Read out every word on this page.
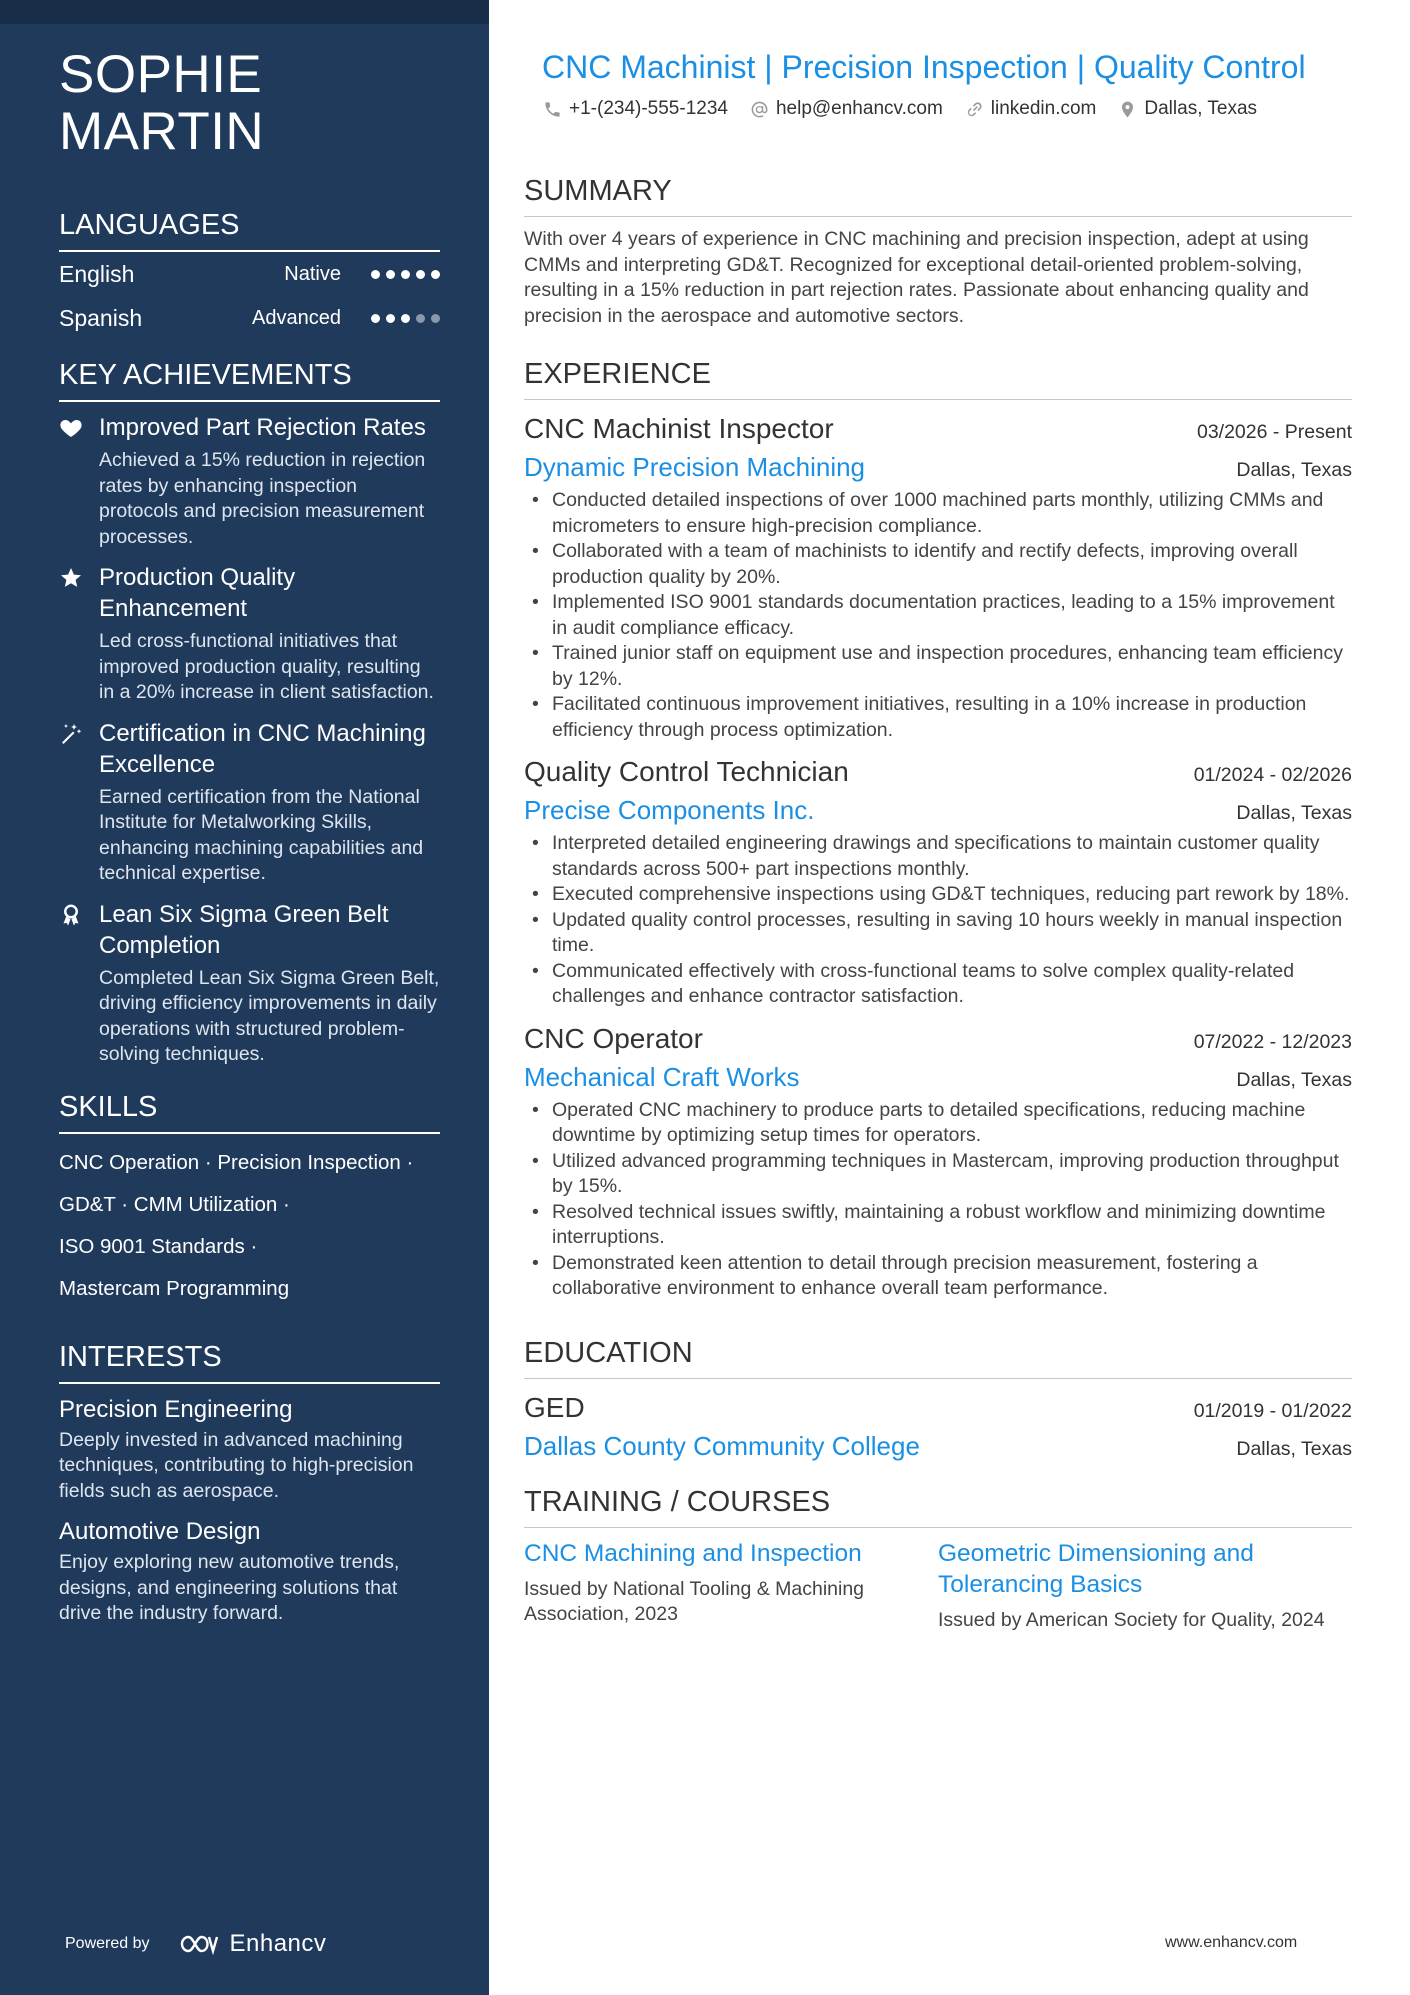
SOPHIE
MARTIN
LANGUAGES
English	Native
Spanish	Advanced
KEY ACHIEVEMENTS
Improved Part Rejection Rates
Achieved a 15% reduction in rejection rates by enhancing inspection protocols and precision measurement processes.
Production Quality Enhancement
Led cross-functional initiatives that improved production quality, resulting in a 20% increase in client satisfaction.
Certification in CNC Machining Excellence
Earned certification from the National Institute for Metalworking Skills, enhancing machining capabilities and technical expertise.
Lean Six Sigma Green Belt Completion
Completed Lean Six Sigma Green Belt, driving efficiency improvements in daily operations with structured problem-solving techniques.
SKILLS
CNC Operation · Precision Inspection ·
GD&T · CMM Utilization ·
ISO 9001 Standards ·
Mastercam Programming
INTERESTS
Precision Engineering
Deeply invested in advanced machining techniques, contributing to high-precision fields such as aerospace.
Automotive Design
Enjoy exploring new automotive trends, designs, and engineering solutions that drive the industry forward.
Powered by	Enhancv
CNC Machinist | Precision Inspection | Quality Control
+1-(234)-555-1234	help@enhancv.com	linkedin.com	Dallas, Texas
SUMMARY

With over 4 years of experience in CNC machining and precision inspection, adept at using CMMs and interpreting GD&T. Recognized for exceptional detail-oriented problem-solving, resulting in a 15% reduction in part rejection rates. Passionate about enhancing quality and precision in the aerospace and automotive sectors.

EXPERIENCE
CNC Machinist Inspector	03/2026 - Present
Dynamic Precision Machining	Dallas, Texas
• Conducted detailed inspections of over 1000 machined parts monthly, utilizing CMMs and micrometers to ensure high-precision compliance.
• Collaborated with a team of machinists to identify and rectify defects, improving overall production quality by 20%.
• Implemented ISO 9001 standards documentation practices, leading to a 15% improvement in audit compliance efficacy.
• Trained junior staff on equipment use and inspection procedures, enhancing team efficiency by 12%.
• Facilitated continuous improvement initiatives, resulting in a 10% increase in production efficiency through process optimization.
Quality Control Technician	01/2024 - 02/2026
Precise Components Inc.	Dallas, Texas
• Interpreted detailed engineering drawings and specifications to maintain customer quality standards across 500+ part inspections monthly.
• Executed comprehensive inspections using GD&T techniques, reducing part rework by 18%.
• Updated quality control processes, resulting in saving 10 hours weekly in manual inspection time.
• Communicated effectively with cross-functional teams to solve complex quality-related challenges and enhance contractor satisfaction.
CNC Operator	07/2022 - 12/2023
Mechanical Craft Works	Dallas, Texas
• Operated CNC machinery to produce parts to detailed specifications, reducing machine downtime by optimizing setup times for operators.
• Utilized advanced programming techniques in Mastercam, improving production throughput by 15%.
• Resolved technical issues swiftly, maintaining a robust workflow and minimizing downtime interruptions.
• Demonstrated keen attention to detail through precision measurement, fostering a collaborative environment to enhance overall team performance.
EDUCATION
GED	01/2019 - 01/2022
Dallas County Community College	Dallas, Texas
TRAINING / COURSES
CNC Machining and Inspection
Issued by National Tooling & Machining Association, 2023
Geometric Dimensioning and Tolerancing Basics
Issued by American Society for Quality, 2024
www.enhancv.com
